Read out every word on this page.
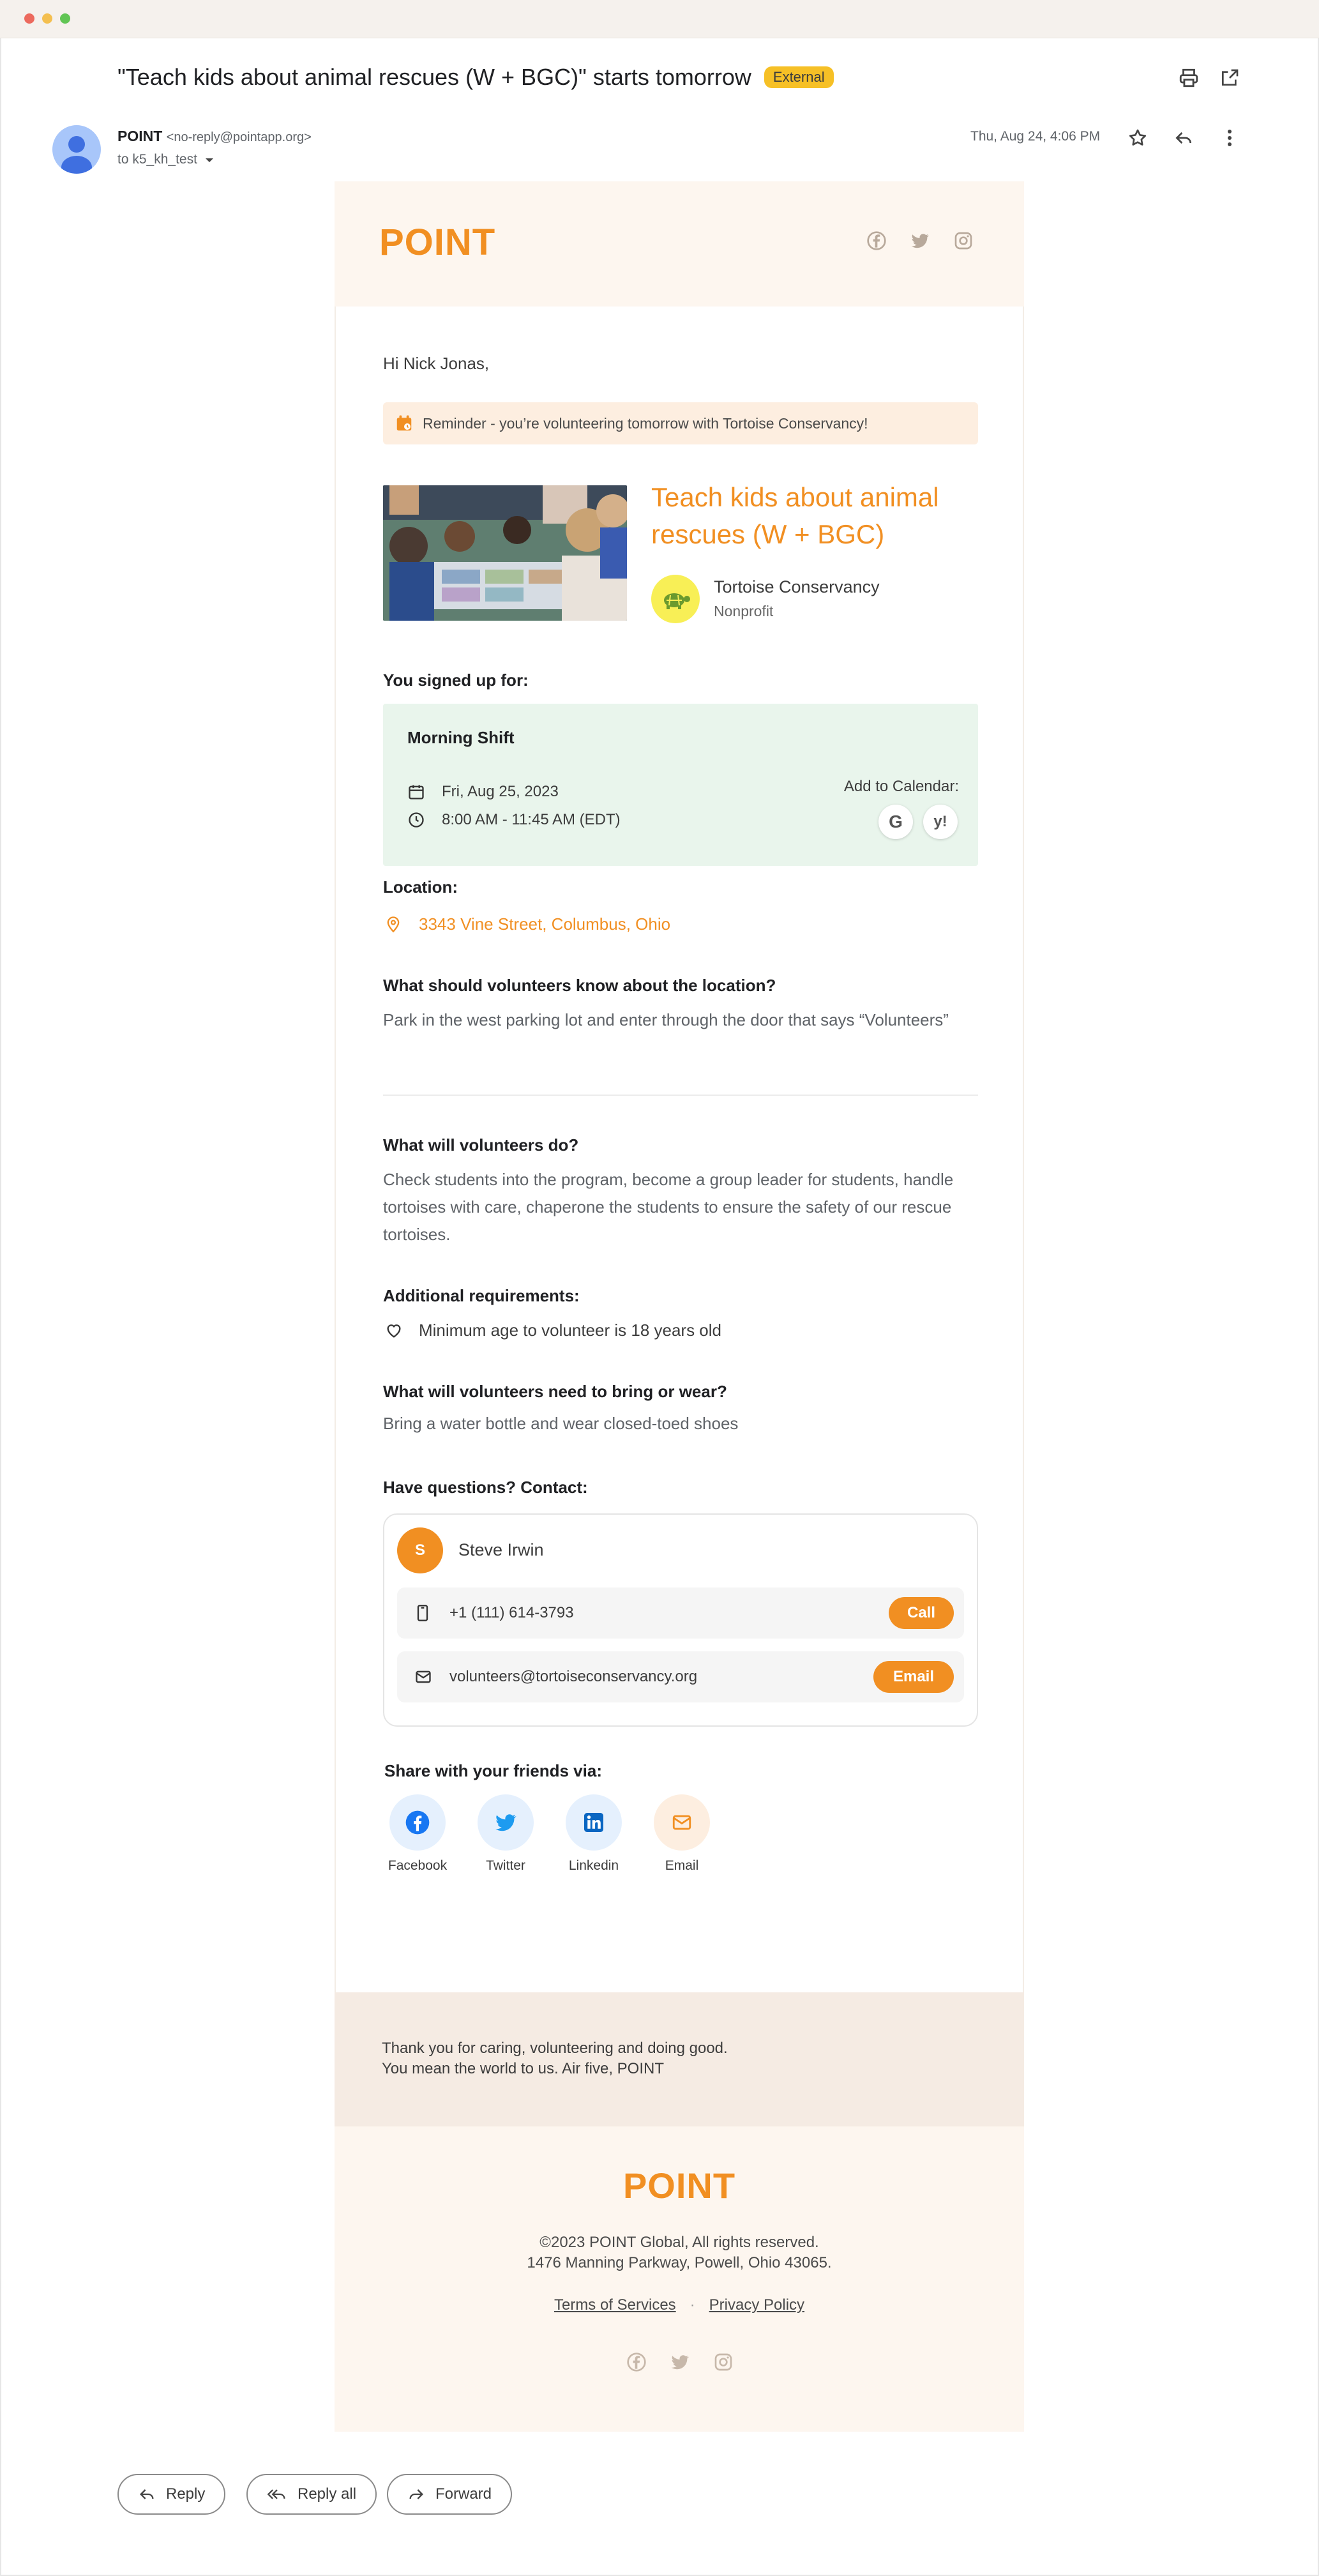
"Teach kids about animal rescues (W + BGC)" starts tomorrow	External
POINT <no-reply@pointapp.org>
to k5_kh_test
Thu, Aug 24, 4:06 PM
POINT
Hi Nick Jonas,
Reminder - you’re volunteering tomorrow with Tortoise Conservancy!
Teach kids about animal rescues (W + BGC)
Tortoise Conservancy
Nonprofit
You signed up for:
Morning Shift
Fri, Aug 25, 2023
8:00 AM - 11:45 AM (EDT)
Add to Calendar:
G	y!
Location:
3343 Vine Street, Columbus, Ohio
What should volunteers know about the location?
Park in the west parking lot and enter through the door that says “Volunteers”
What will volunteers do?
Check students into the program, become a group leader for students, handle tortoises with care, chaperone the students to ensure the safety of our rescue tortoises.
Additional requirements:
Minimum age to volunteer is 18 years old
What will volunteers need to bring or wear?
Bring a water bottle and wear closed-toed shoes
Have questions? Contact:
S	Steve Irwin
+1 (111) 614-3793	Call
volunteers@tortoiseconservancy.org	Email
Share with your friends via:
Facebook	Twitter	Linkedin	Email
Thank you for caring, volunteering and doing good.
You mean the world to us. Air five, POINT
POINT
©2023 POINT Global, All rights reserved.
1476 Manning Parkway, Powell, Ohio 43065.
Terms of Services · Privacy Policy
Reply	Reply all	Forward
